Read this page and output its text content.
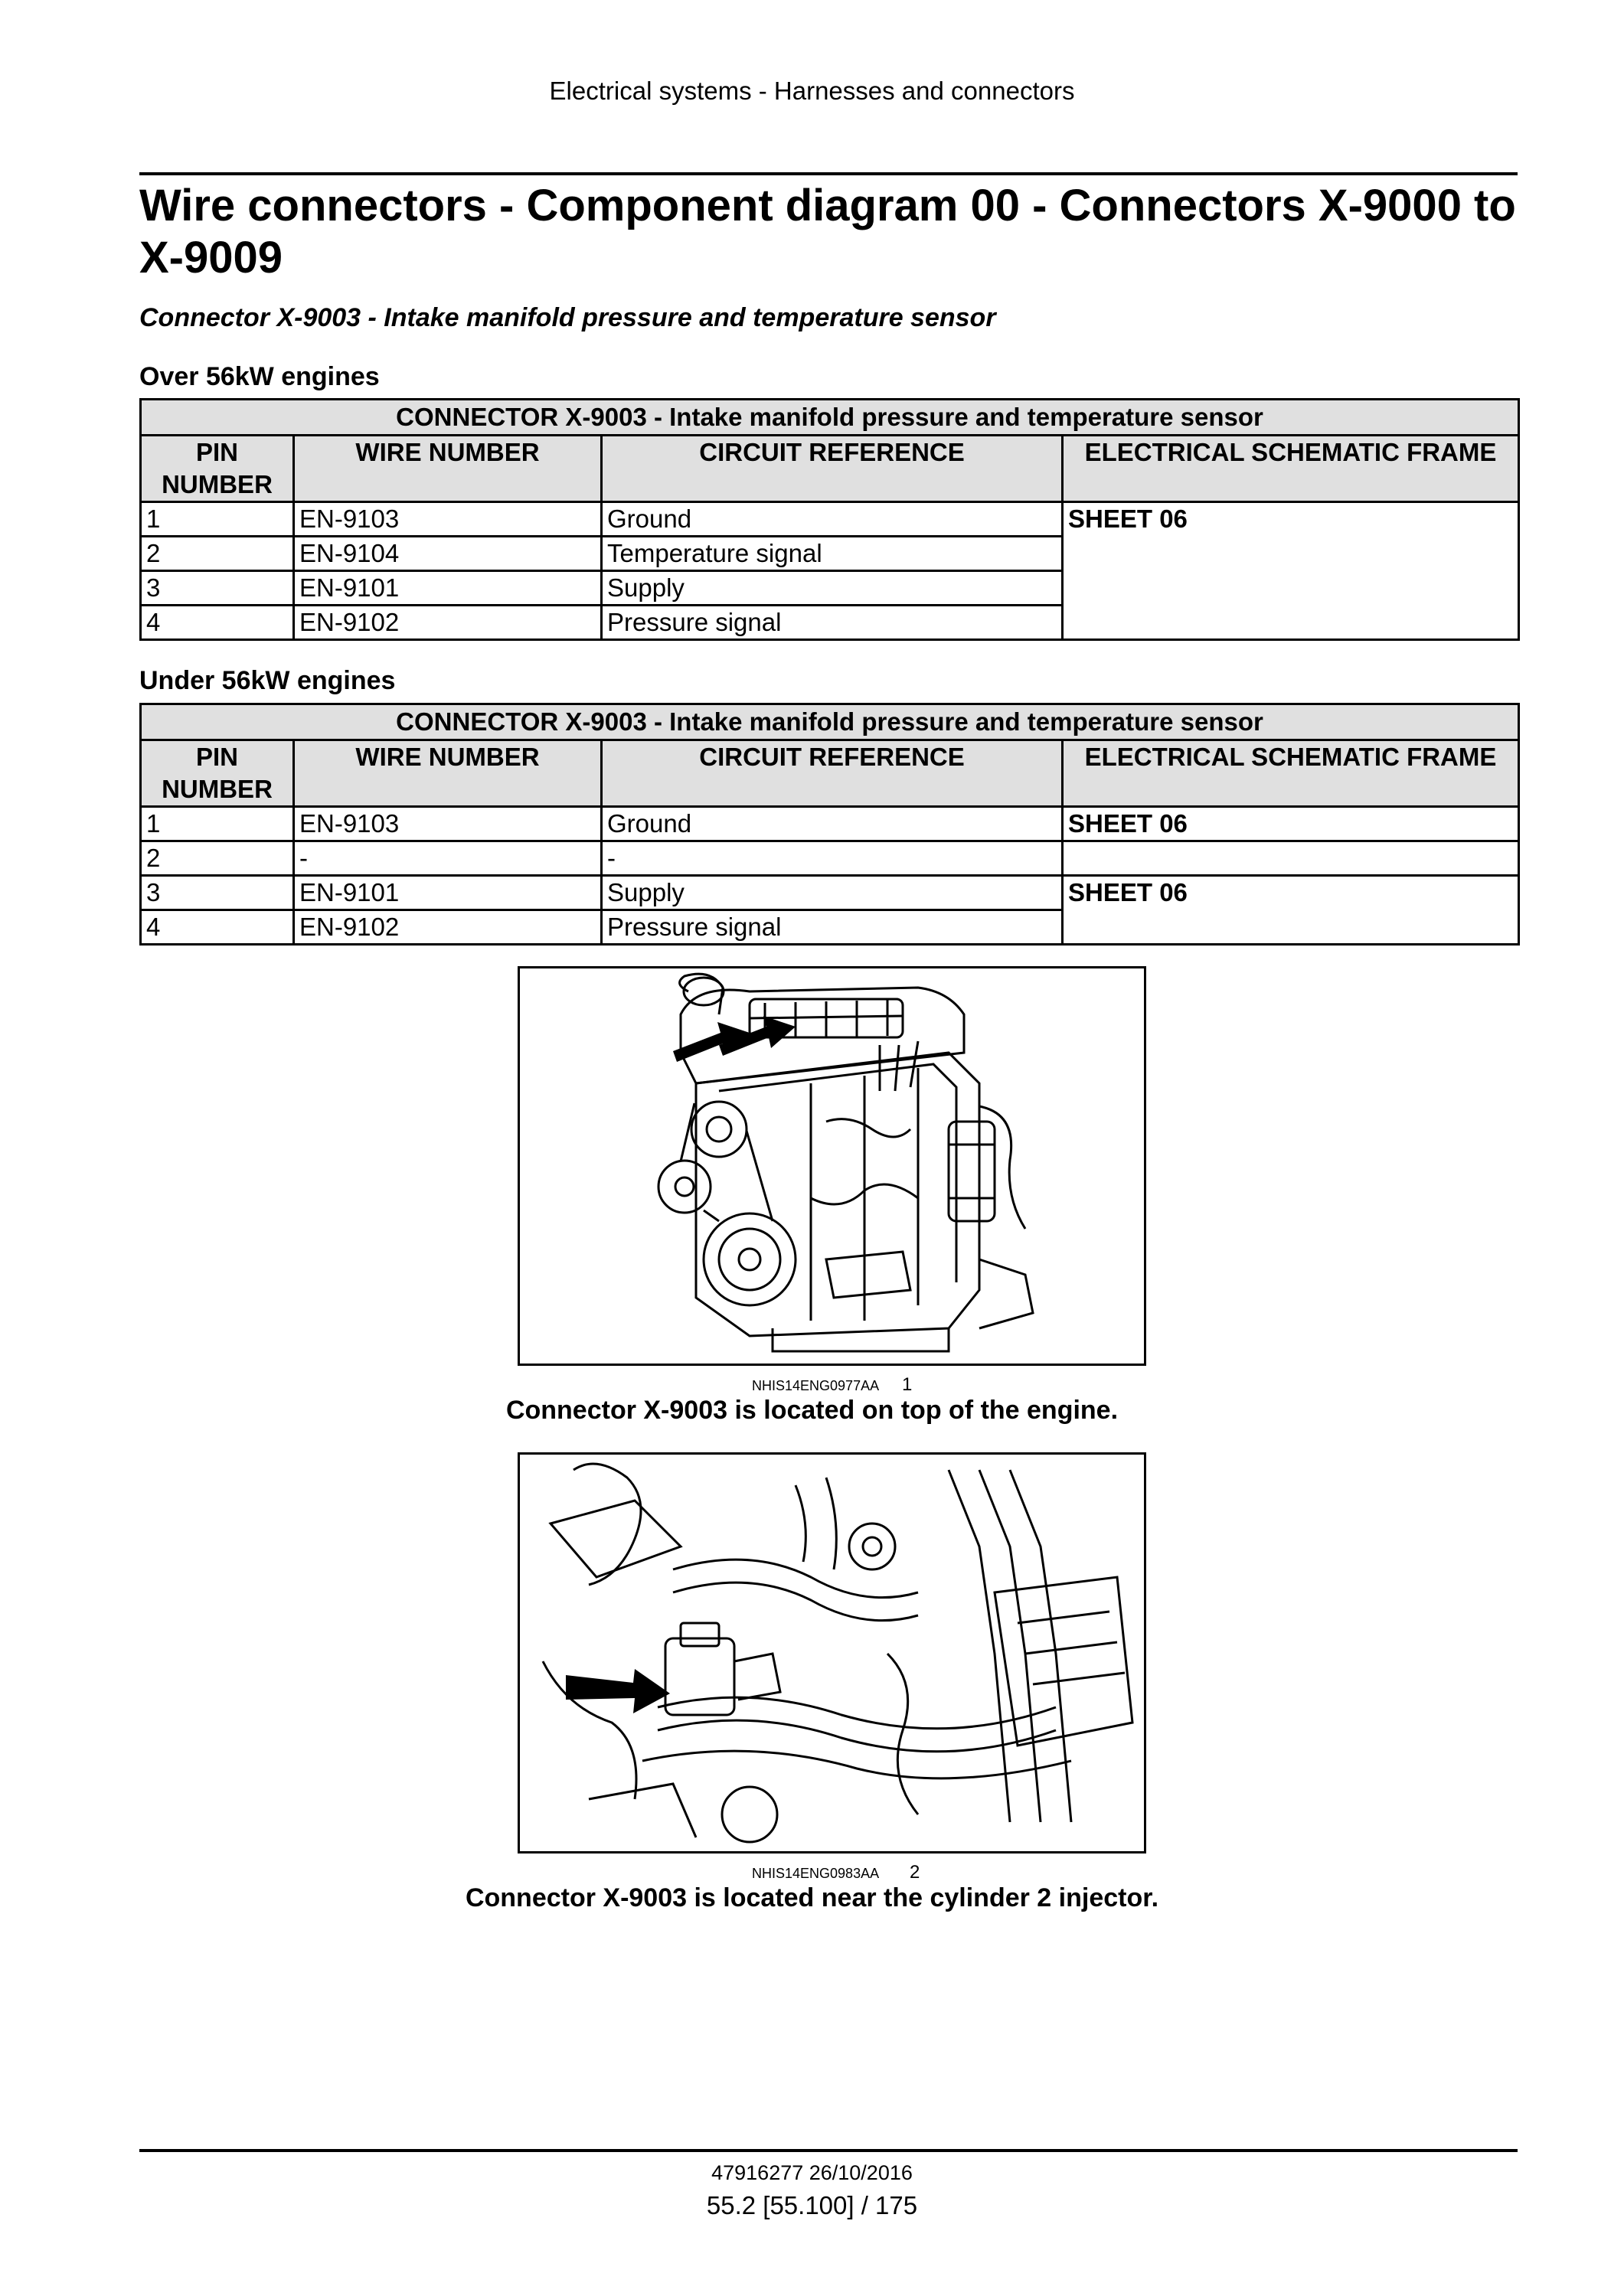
Electrical systems - Harnesses and connectors
Wire connectors - Component diagram 00 - Connectors X-9000 to X-9009
Connector X-9003 - Intake manifold pressure and temperature sensor
Over 56kW engines
CONNECTOR X-9003 - Intake manifold pressure and temperature sensor			
PIN NUMBER	WIRE NUMBER	CIRCUIT REFERENCE	ELECTRICAL SCHEMATIC FRAME
1	EN-9103	Ground	SHEET 06
2	EN-9104	Temperature signal	
3	EN-9101	Supply	
4	EN-9102	Pressure signal	
Under 56kW engines
CONNECTOR X-9003 - Intake manifold pressure and temperature sensor			
PIN NUMBER	WIRE NUMBER	CIRCUIT REFERENCE	ELECTRICAL SCHEMATIC FRAME
1	EN-9103	Ground	SHEET 06
2	-	-	
3	EN-9101	Supply	SHEET 06
4	EN-9102	Pressure signal	
NHIS14ENG0977AA 1
Connector X-9003 is located on top of the engine.
NHIS14ENG0983AA 2
Connector X-9003 is located near the cylinder 2 injector.
47916277 26/10/2016
55.2 [55.100] / 175
